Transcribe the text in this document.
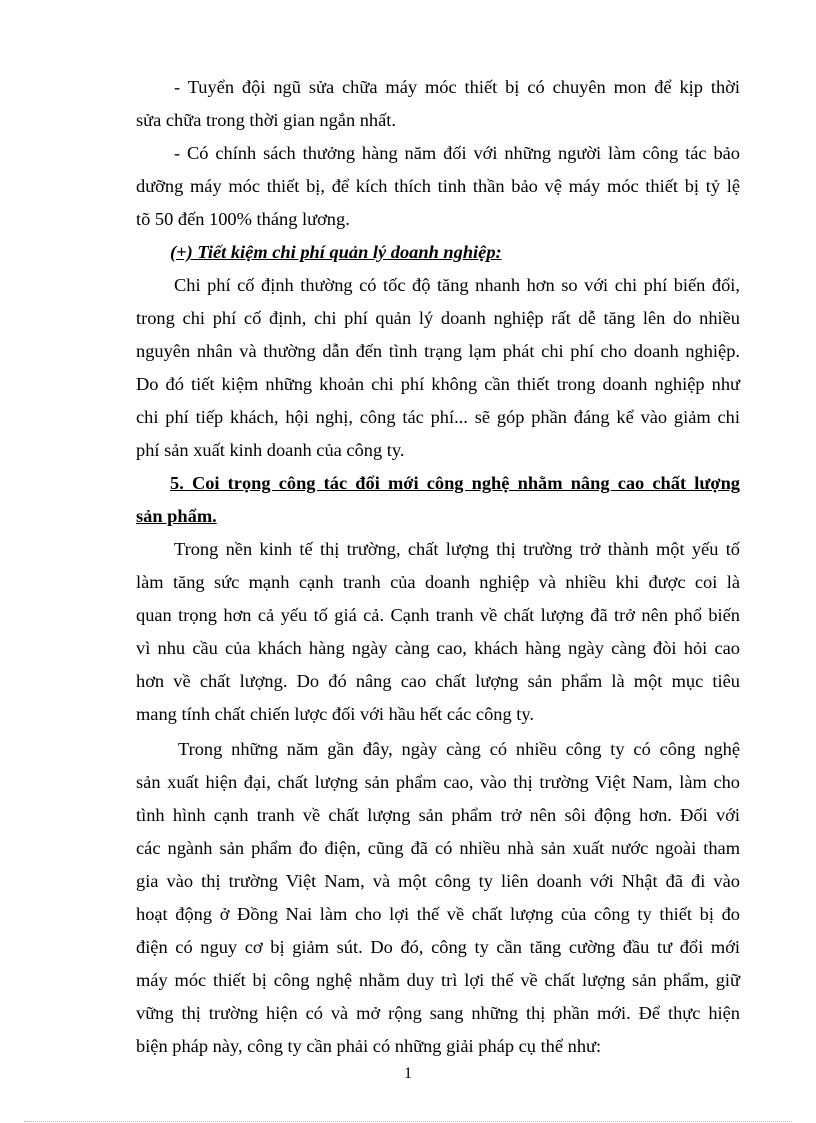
- Tuyển đội ngũ sửa chữa máy móc thiết bị có chuyên mon để kịp thời
sửa chữa trong thời gian ngắn nhất.
- Có chính sách thưởng hàng năm đối với những người làm công tác bảo
dưỡng máy móc thiết bị, để kích thích tinh thần bảo vệ máy móc thiết bị tỷ lệ
tõ 50 đến 100% tháng lương.
(+) Tiết kiệm chi phí quản lý doanh nghiệp:
Chi phí cố định thường có tốc độ tăng nhanh hơn so với chi phí biến đổi,
trong chi phí cố định, chi phí quản lý doanh nghiệp rất dễ tăng lên do nhiều
nguyên nhân và thường dẫn đến tình trạng lạm phát chi phí cho doanh nghiệp.
Do đó tiết kiệm những khoản chi phí không cần thiết trong doanh nghiệp như
chi phí tiếp khách, hội nghị, công tác phí... sẽ góp phần đáng kể vào giảm chi
phí sản xuất kinh doanh của công ty.
5. Coi trọng công tác đổi mới công nghệ nhằm nâng cao chất lượng
sản phẩm.
Trong nền kinh tế thị trường, chất lượng thị trường trở thành một yếu tố
làm tăng sức mạnh cạnh tranh của doanh nghiệp và nhiều khi được coi là
quan trọng hơn cả yếu tố giá cả. Cạnh tranh về chất lượng đã trở nên phổ biến
vì nhu cầu của khách hàng ngày càng cao, khách hàng ngày càng đòi hỏi cao
hơn về chất lượng. Do đó nâng cao chất lượng sản phẩm là một mục tiêu
mang tính chất chiến lược đối với hầu hết các công ty.
Trong những năm gần đây, ngày càng có nhiều công ty có công nghệ
sản xuất hiện đại, chất lượng sản phẩm cao, vào thị trường Việt Nam, làm cho
tình hình cạnh tranh về chất lượng sản phẩm trở nên sôi động hơn. Đối với
các ngành sản phẩm đo điện, cũng đã có nhiều nhà sản xuất nước ngoài tham
gia vào thị trường Việt Nam, và một công ty liên doanh với Nhật đã đi vào
hoạt động ở Đồng Nai làm cho lợi thế về chất lượng của công ty thiết bị đo
điện có nguy cơ bị giảm sút. Do đó, công ty cần tăng cường đầu tư đổi mới
máy móc thiết bị công nghệ nhằm duy trì lợi thế về chất lượng sản phẩm, giữ
vững thị trường hiện có và mở rộng sang những thị phần mới. Để thực hiện
biện pháp này, công ty cần phải có những giải pháp cụ thể như:
1
